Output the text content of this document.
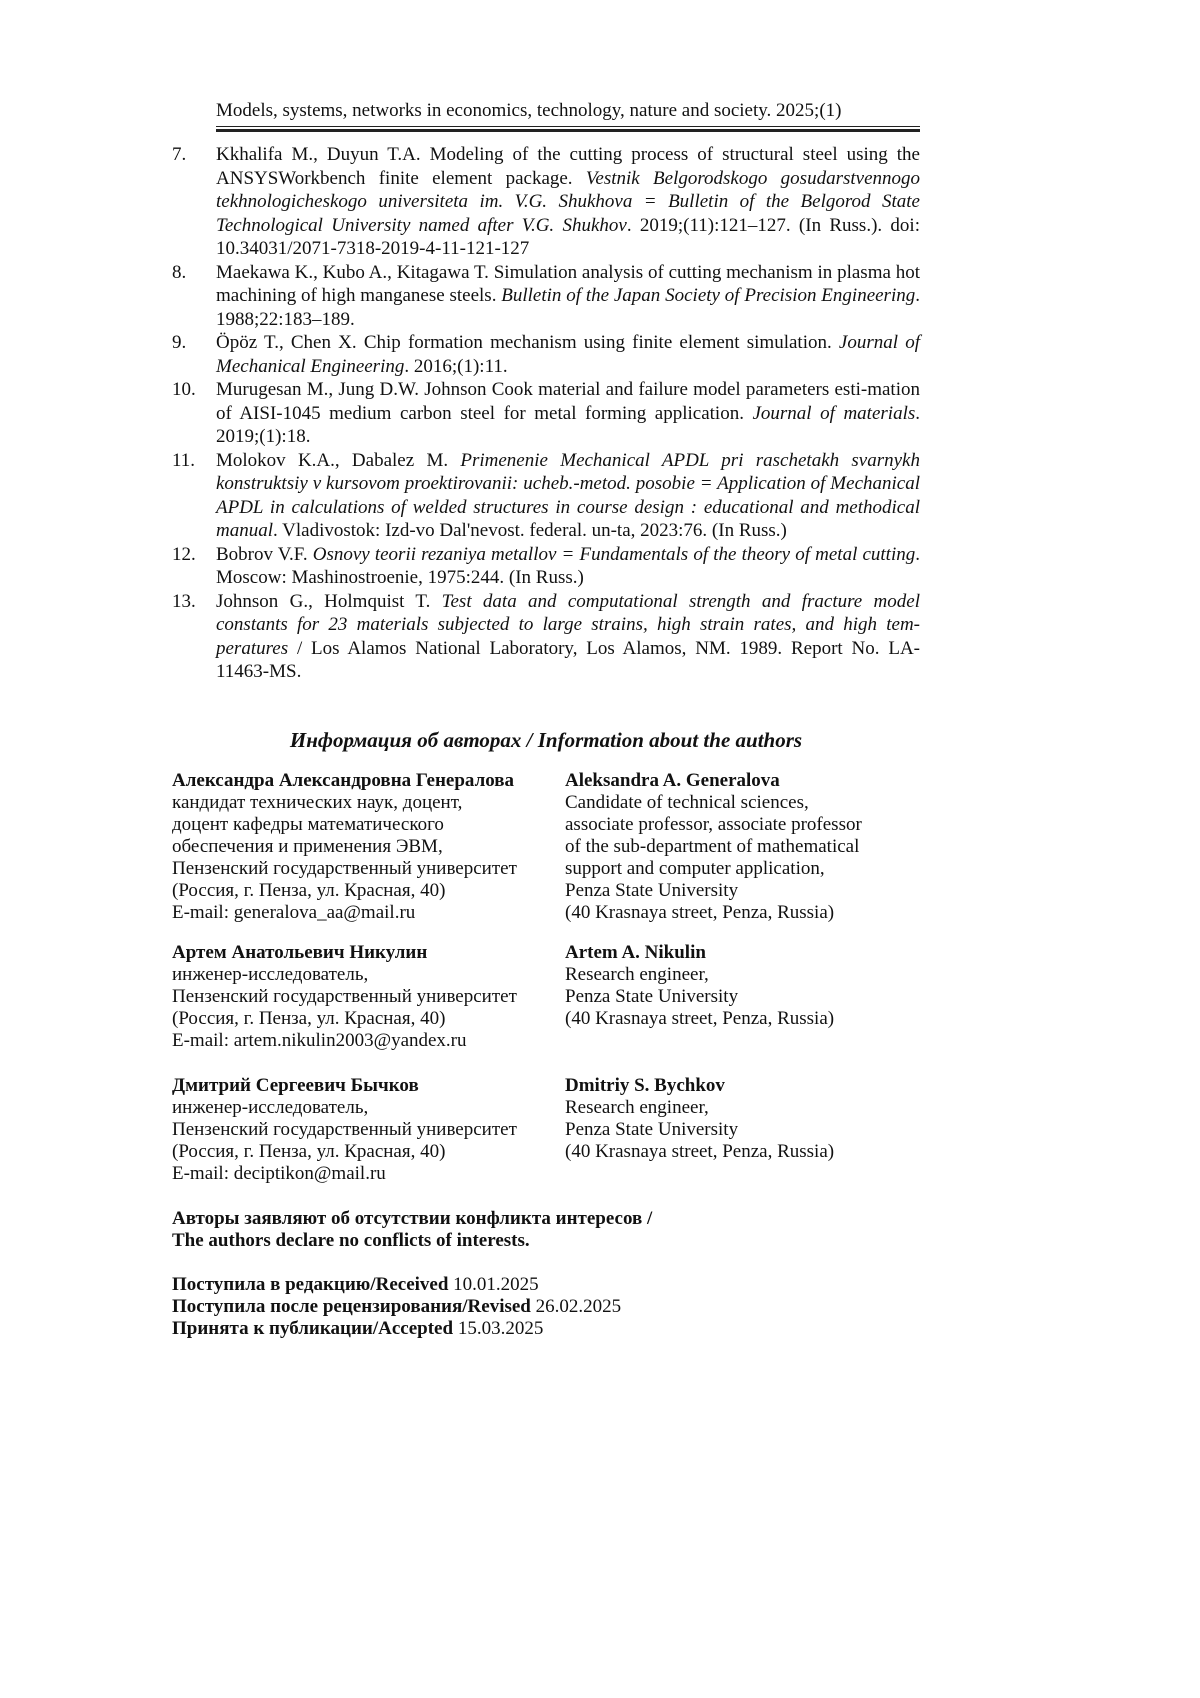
Models, systems, networks in economics, technology, nature and society. 2025;(1)
7. Kkhalifa M., Duyun T.A. Modeling of the cutting process of structural steel using the ANSYSWorkbench finite element package. Vestnik Belgorodskogo gosudarstvennogo tekhnologicheskogo universiteta im. V.G. Shukhova = Bulletin of the Belgorod State Technological University named after V.G. Shukhov. 2019;(11):121–127. (In Russ.). doi: 10.34031/2071-7318-2019-4-11-121-127
8. Maekawa K., Kubo A., Kitagawa T. Simulation analysis of cutting mechanism in plasma hot machining of high manganese steels. Bulletin of the Japan Society of Precision Engineering. 1988;22:183–189.
9. Öpöz T., Chen X. Chip formation mechanism using finite element simulation. Journal of Mechanical Engineering. 2016;(1):11.
10. Murugesan M., Jung D.W. Johnson Cook material and failure model parameters esti-mation of AISI-1045 medium carbon steel for metal forming application. Journal of materials. 2019;(1):18.
11. Molokov K.A., Dabalez M. Primenenie Mechanical APDL pri raschetakh svarnykh konstruktsiy v kursovom proektirovanii: ucheb.-metod. posobie = Application of Mechanical APDL in calculations of welded structures in course design : educational and methodical manual. Vladivostok: Izd-vo Dal'nevost. federal. un-ta, 2023:76. (In Russ.)
12. Bobrov V.F. Osnovy teorii rezaniya metallov = Fundamentals of the theory of metal cutting. Moscow: Mashinostroenie, 1975:244. (In Russ.)
13. Johnson G., Holmquist T. Test data and computational strength and fracture model constants for 23 materials subjected to large strains, high strain rates, and high tem-peratures / Los Alamos National Laboratory, Los Alamos, NM. 1989. Report No. LA-11463-MS.
Информация об авторах / Information about the authors
Александра Александровна Генералова
кандидат технических наук, доцент,
доцент кафедры математического
обеспечения и применения ЭВМ,
Пензенский государственный университет
(Россия, г. Пенза, ул. Красная, 40)
E-mail: generalova_aa@mail.ru
Aleksandra A. Generalova
Candidate of technical sciences,
associate professor, associate professor
of the sub-department of mathematical
support and computer application,
Penza State University
(40 Krasnaya street, Penza, Russia)
Артем Анатольевич Никулин
инженер-исследователь,
Пензенский государственный университет
(Россия, г. Пенза, ул. Красная, 40)
E-mail: artem.nikulin2003@yandex.ru
Artem A. Nikulin
Research engineer,
Penza State University
(40 Krasnaya street, Penza, Russia)
Дмитрий Сергеевич Бычков
инженер-исследователь,
Пензенский государственный университет
(Россия, г. Пенза, ул. Красная, 40)
E-mail: deciptikon@mail.ru
Dmitriy S. Bychkov
Research engineer,
Penza State University
(40 Krasnaya street, Penza, Russia)
Авторы заявляют об отсутствии конфликта интересов /
The authors declare no conflicts of interests.
Поступила в редакцию/Received 10.01.2025
Поступила после рецензирования/Revised 26.02.2025
Принята к публикации/Accepted 15.03.2025
